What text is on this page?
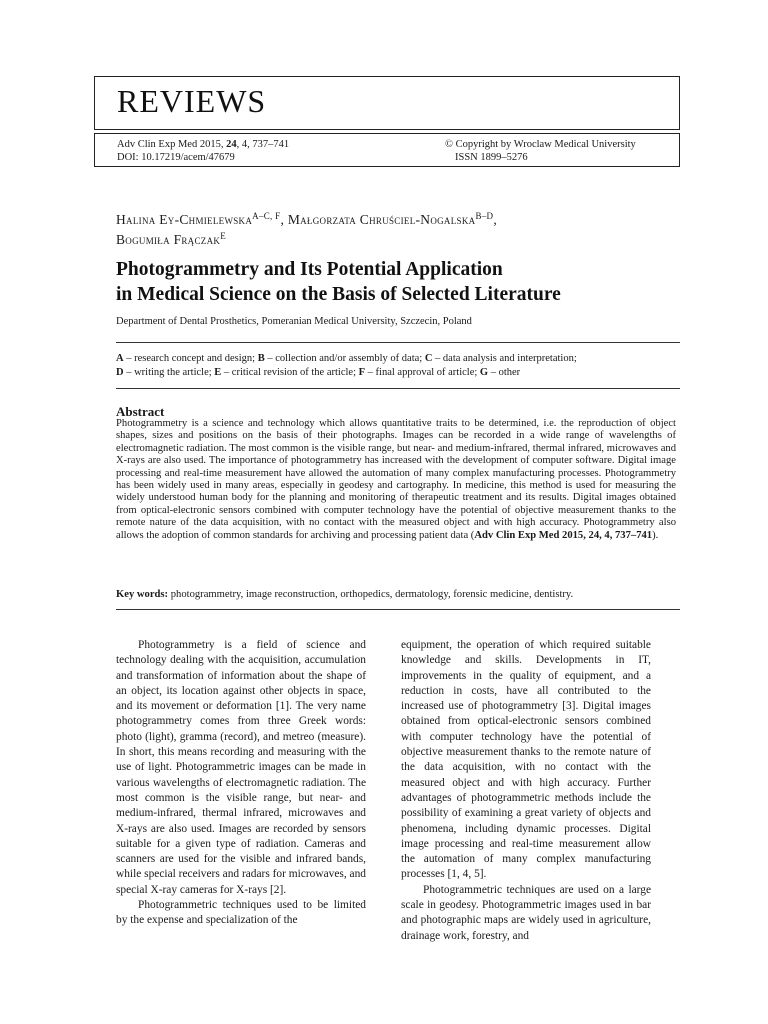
REVIEWS
Adv Clin Exp Med 2015, 24, 4, 737–741
DOI: 10.17219/acem/47679
© Copyright by Wroclaw Medical University
ISSN 1899–5276
Halina Ey-Chmielewska$^{A-C, F}$, Małgorzata Chruściel-Nogalska$^{B-D}$,
Bogumiła Frączak$^E$
Photogrammetry and Its Potential Application
in Medical Science on the Basis of Selected Literature
Department of Dental Prosthetics, Pomeranian Medical University, Szczecin, Poland
A – research concept and design; B – collection and/or assembly of data; C – data analysis and interpretation;
D – writing the article; E – critical revision of the article; F – final approval of article; G – other
Abstract
Photogrammetry is a science and technology which allows quantitative traits to be determined, i.e. the reproduction of object shapes, sizes and positions on the basis of their photographs. Images can be recorded in a wide range of wavelengths of electromagnetic radiation. The most common is the visible range, but near- and medium-infrared, thermal infrared, microwaves and X-rays are also used. The importance of photogrammetry has increased with the development of computer software. Digital image processing and real-time measurement have allowed the automation of many complex manufacturing processes. Photogrammetry has been widely used in many areas, especially in geodesy and cartography. In medicine, this method is used for measuring the widely understood human body for the planning and monitoring of therapeutic treatment and its results. Digital images obtained from optical-electronic sensors combined with computer technology have the potential of objective measurement thanks to the remote nature of the data acquisition, with no contact with the measured object and with high accuracy. Photogrammetry also allows the adoption of common standards for archiving and processing patient data (Adv Clin Exp Med 2015, 24, 4, 737–741).
Key words: photogrammetry, image reconstruction, orthopedics, dermatology, forensic medicine, dentistry.

Photogrammetry is a field of science and technology dealing with the acquisition, accumulation and transformation of information about the shape of an object, its location against other objects in space, and its movement or deformation [1]. The very name photogrammetry comes from three Greek words: photo (light), gramma (record), and metreo (measure). In short, this means recording and measuring with the use of light. Photogrammetric images can be made in various wavelengths of electromagnetic radiation. The most common is the visible range, but near- and medium-infrared, thermal infrared, microwaves and X-rays are also used. Images are recorded by sensors suitable for a given type of radiation. Cameras and scanners are used for the visible and infrared bands, while special receivers and radars for microwaves, and special X-ray cameras for X-rays [2].

Photogrammetric techniques used to be limited by the expense and specialization of the

equipment, the operation of which required suitable knowledge and skills. Developments in IT, improvements in the quality of equipment, and a reduction in costs, have all contributed to the increased use of photogrammetry [3]. Digital images obtained from optical-electronic sensors combined with computer technology have the potential of objective measurement thanks to the remote nature of the data acquisition, with no contact with the measured object and with high accuracy. Further advantages of photogrammetric methods include the possibility of examining a great variety of objects and phenomena, including dynamic processes. Digital image processing and real-time measurement allow the automation of many complex manufacturing processes [1, 4, 5].

Photogrammetric techniques are used on a large scale in geodesy. Photogrammetric images used in bar and photographic maps are widely used in agriculture, drainage work, forestry, and
